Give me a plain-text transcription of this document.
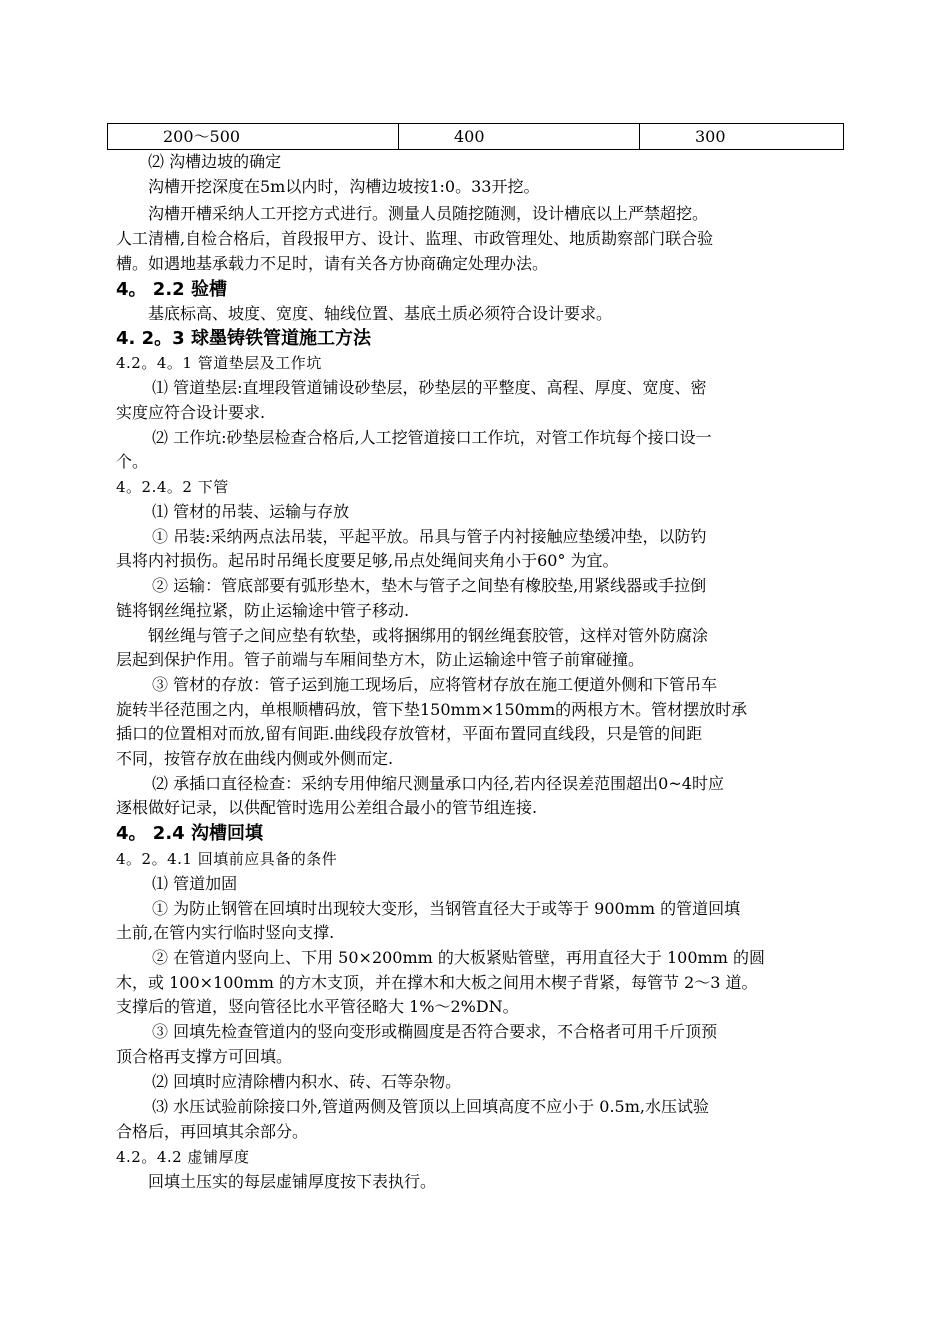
200～500	400	300
⑵ 沟槽边坡的确定
沟槽开挖深度在5m以内时，沟槽边坡按1:0。33开挖。
沟槽开槽采纳人工开挖方式进行。测量人员随挖随测，设计槽底以上严禁超挖。
人工清槽,自检合格后，首段报甲方、设计、监理、市政管理处、地质勘察部门联合验
槽。如遇地基承载力不足时，请有关各方协商确定处理办法。
4。 2.2 验槽
基底标高、坡度、宽度、轴线位置、基底土质必须符合设计要求。
4. 2。3 球墨铸铁管道施工方法
4.2。4。1 管道垫层及工作坑
⑴ 管道垫层:直埋段管道铺设砂垫层，砂垫层的平整度、高程、厚度、宽度、密
实度应符合设计要求.
⑵ 工作坑:砂垫层检查合格后,人工挖管道接口工作坑，对管工作坑每个接口设一
个。
4。2.4。2 下管
⑴ 管材的吊装、运输与存放
① 吊装:采纳两点法吊装，平起平放。吊具与管子内衬接触应垫缓冲垫，以防钓
具将内衬损伤。起吊时吊绳长度要足够,吊点处绳间夹角小于60° 为宜。
② 运输：管底部要有弧形垫木，垫木与管子之间垫有橡胶垫,用紧线器或手拉倒
链将钢丝绳拉紧，防止运输途中管子移动.
钢丝绳与管子之间应垫有软垫，或将捆绑用的钢丝绳套胶管，这样对管外防腐涂
层起到保护作用。管子前端与车厢间垫方木，防止运输途中管子前窜碰撞。
③ 管材的存放：管子运到施工现场后，应将管材存放在施工便道外侧和下管吊车
旋转半径范围之内，单根顺槽码放，管下垫150mm×150mm的两根方木。管材摆放时承
插口的位置相对而放,留有间距.曲线段存放管材，平面布置同直线段，只是管的间距
不同，按管存放在曲线内侧或外侧而定.
⑵ 承插口直径检查：采纳专用伸缩尺测量承口内径,若内径误差范围超出0~4时应
逐根做好记录，以供配管时选用公差组合最小的管节组连接.
4。 2.4 沟槽回填
4。2。4.1 回填前应具备的条件
⑴ 管道加固
① 为防止钢管在回填时出现较大变形，当钢管直径大于或等于 900mm 的管道回填
土前,在管内实行临时竖向支撑.
② 在管道内竖向上、下用 50×200mm 的大板紧贴管壁，再用直径大于 100mm 的圆
木，或 100×100mm 的方木支顶，并在撑木和大板之间用木楔子背紧，每管节 2～3 道。
支撑后的管道，竖向管径比水平管径略大 1%～2%DN。
③ 回填先检查管道内的竖向变形或椭圆度是否符合要求，不合格者可用千斤顶预
顶合格再支撑方可回填。
⑵ 回填时应清除槽内积水、砖、石等杂物。
⑶ 水压试验前除接口外,管道两侧及管顶以上回填高度不应小于 0.5m,水压试验
合格后，再回填其余部分。
4.2。4.2 虚铺厚度
回填土压实的每层虚铺厚度按下表执行。
